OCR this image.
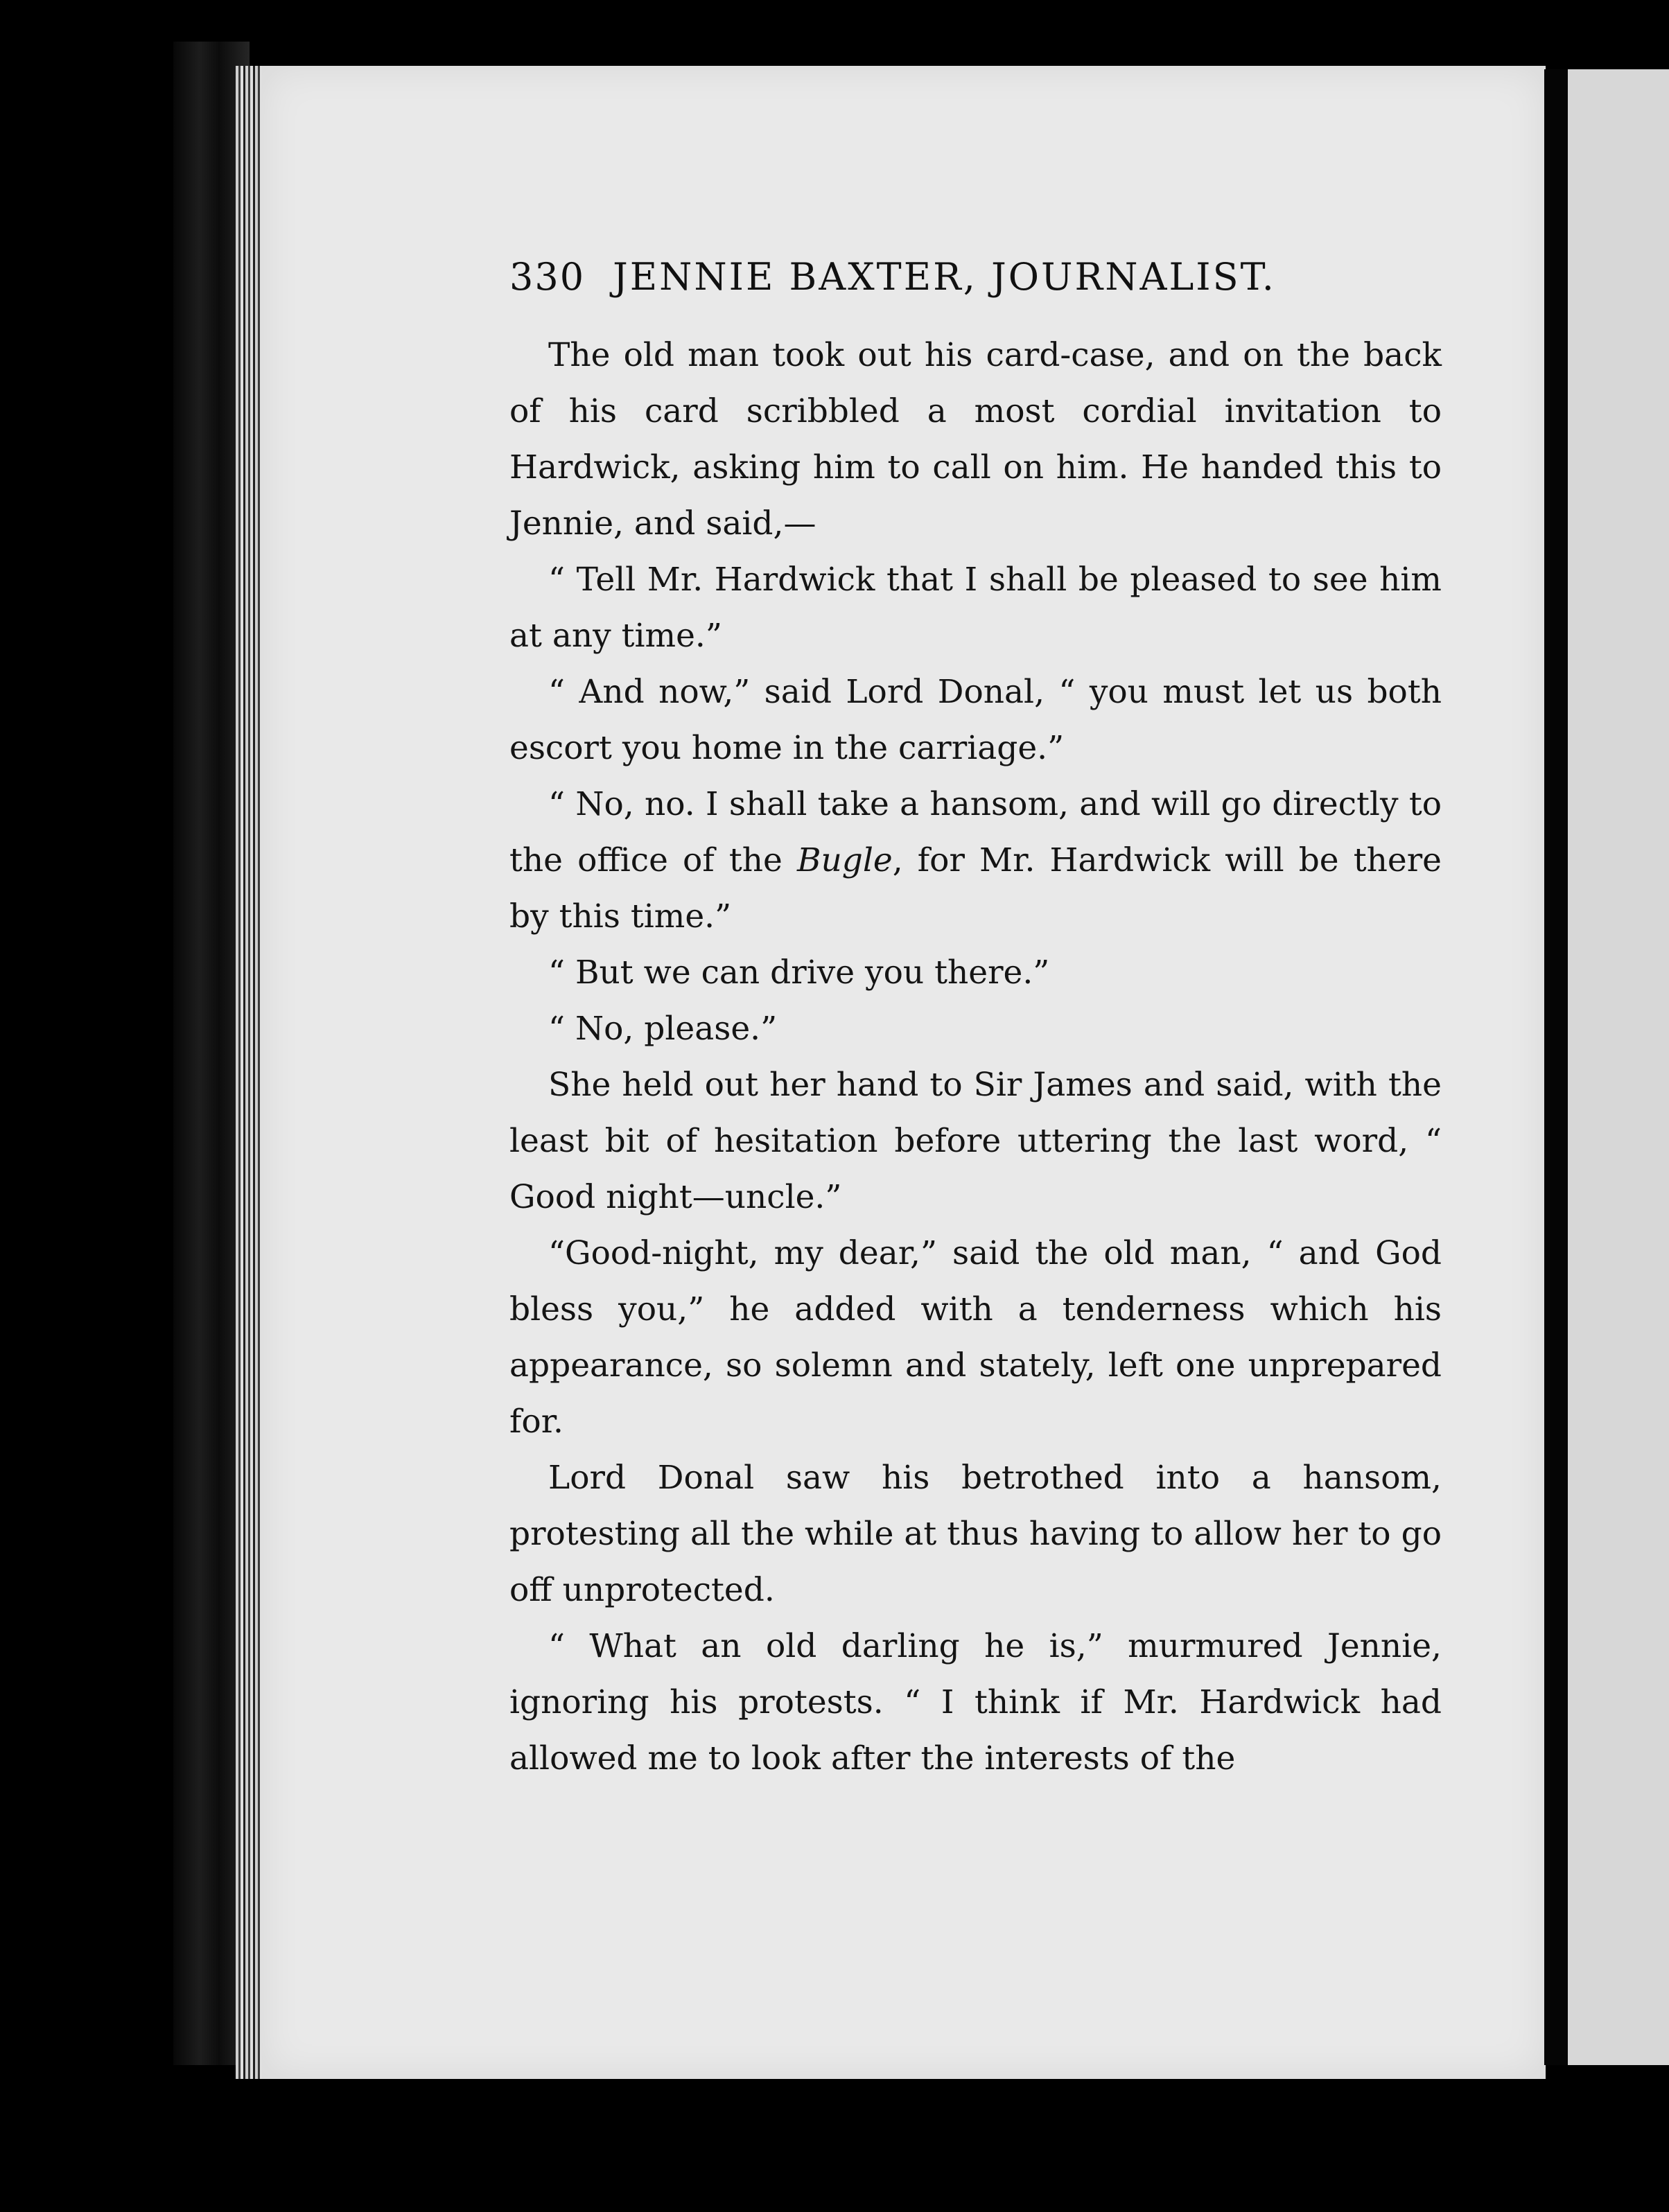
330 JENNIE BAXTER, JOURNALIST.

The old man took out his card-case, and on the back of his card scribbled a most cordial invitation to Hardwick, asking him to call on him. He handed this to Jennie, and said,—

“ Tell Mr. Hardwick that I shall be pleased to see him at any time.”

“ And now,” said Lord Donal, “ you must let us both escort you home in the carriage.”

“ No, no. I shall take a hansom, and will go directly to the office of the Bugle, for Mr. Hardwick will be there by this time.”

“ But we can drive you there.”

“ No, please.”

She held out her hand to Sir James and said, with the least bit of hesitation before uttering the last word, “ Good night—uncle.”

“Good-night, my dear,” said the old man, “ and God bless you,” he added with a tenderness which his appearance, so solemn and stately, left one unprepared for.

Lord Donal saw his betrothed into a hansom, protesting all the while at thus having to allow her to go off unprotected.

“ What an old darling he is,” murmured Jennie, ignoring his protests. “ I think if Mr. Hardwick had allowed me to look after the interests of the
